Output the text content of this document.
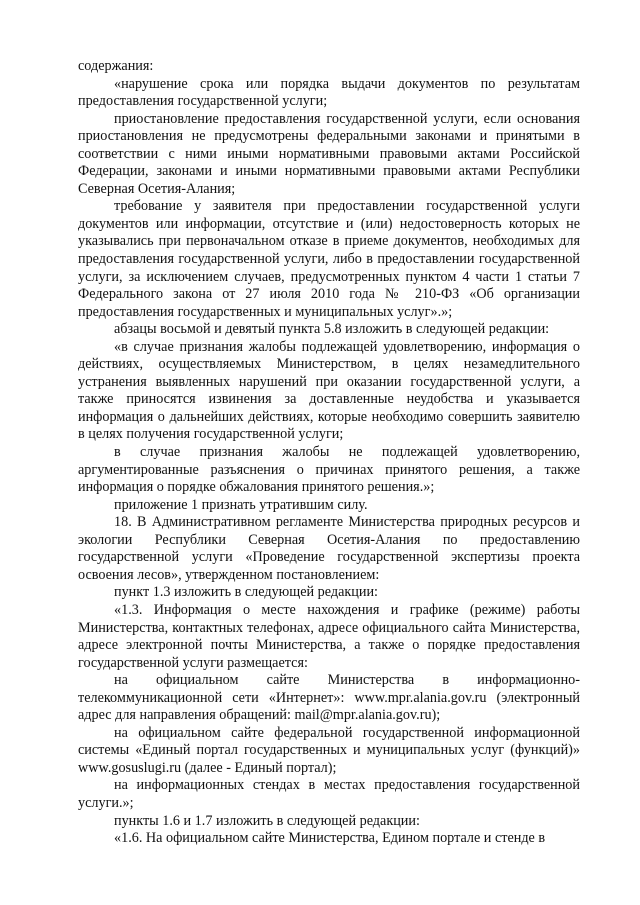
содержания:

«нарушение срока или порядка выдачи документов по результатам предоставления государственной услуги;

приостановление предоставления государственной услуги, если основания приостановления не предусмотрены федеральными законами и принятыми в соответствии с ними иными нормативными правовыми актами Российской Федерации, законами и иными нормативными правовыми актами Республики Северная Осетия-Алания;

требование у заявителя при предоставлении государственной услуги документов или информации, отсутствие и (или) недостоверность которых не указывались при первоначальном отказе в приеме документов, необходимых для предоставления государственной услуги, либо в предоставлении государственной услуги, за исключением случаев, предусмотренных пунктом 4 части 1 статьи 7 Федерального закона от 27 июля 2010 года № 210-ФЗ «Об организации предоставления государственных и муниципальных услуг».»;

абзацы восьмой и девятый пункта 5.8 изложить в следующей редакции:

«в случае признания жалобы подлежащей удовлетворению, информация о действиях, осуществляемых Министерством, в целях незамедлительного устранения выявленных нарушений при оказании государственной услуги, а также приносятся извинения за доставленные неудобства и указывается информация о дальнейших действиях, которые необходимо совершить заявителю в целях получения государственной услуги;

в случае признания жалобы не подлежащей удовлетворению, аргументированные разъяснения о причинах принятого решения, а также информация о порядке обжалования принятого решения.»;

приложение 1 признать утратившим силу.

18. В Административном регламенте Министерства природных ресурсов и экологии Республики Северная Осетия-Алания по предоставлению государственной услуги «Проведение государственной экспертизы проекта освоения лесов», утвержденном постановлением:

пункт 1.3 изложить в следующей редакции:

«1.3. Информация о месте нахождения и графике (режиме) работы Министерства, контактных телефонах, адресе официального сайта Министерства, адресе электронной почты Министерства, а также о порядке предоставления государственной услуги размещается:

на официальном сайте Министерства в информационно-телекоммуникационной сети «Интернет»: www.mpr.alania.gov.ru (электронный адрес для направления обращений: mail@mpr.alania.gov.ru);

на официальном сайте федеральной государственной информационной системы «Единый портал государственных и муниципальных услуг (функций)» www.gosuslugi.ru (далее - Единый портал);

на информационных стендах в местах предоставления государственной услуги.»;

пункты 1.6 и 1.7 изложить в следующей редакции:

«1.6. На официальном сайте Министерства, Едином портале и стенде в
